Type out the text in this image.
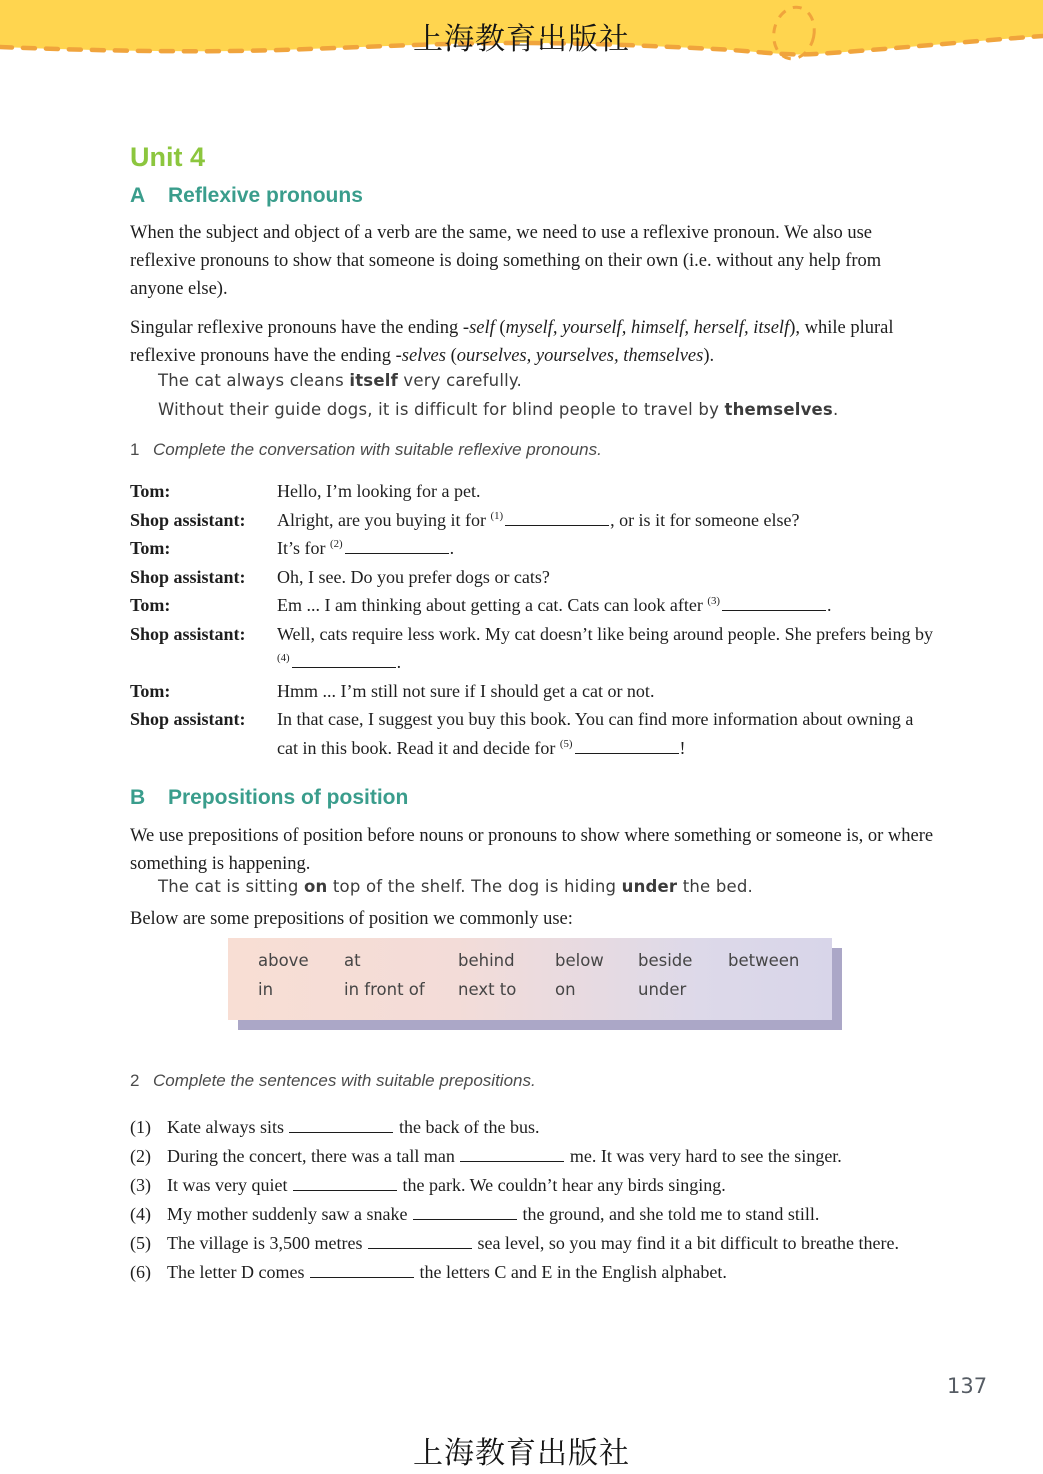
上海教育出版社
Unit 4
A	Reflexive pronouns

When the subject and object of a verb are the same, we need to use a reflexive pronoun. We also use reflexive pronouns to show that someone is doing something on their own (i.e. without any help from anyone else).

Singular reflexive pronouns have the ending -self (myself, yourself, himself, herself, itself), while plural reflexive pronouns have the ending -selves (ourselves, yourselves, themselves).

The cat always cleans itself very carefully.
Without their guide dogs, it is difficult for blind people to travel by themselves.
1 Complete the conversation with suitable reflexive pronouns.
Tom:	Hello, I’m looking for a pet.
Shop assistant:	Alright, are you buying it for $^{(1)}$	, or is it for someone else?
Tom:	It’s for $^{(2)}$	.
Shop assistant:	Oh, I see. Do you prefer dogs or cats?
Tom:	Em ... I am thinking about getting a cat. Cats can look after $^{(3)}$	.
Shop assistant:	Well, cats require less work. My cat doesn’t like being around people. She prefers being by $^{(4)}$	.
Tom:	Hmm ... I’m still not sure if I should get a cat or not.
Shop assistant:	In that case, I suggest you buy this book. You can find more information about owning a cat in this book. Read it and decide for $^{(5)}$	!
B	Prepositions of position

We use prepositions of position before nouns or pronouns to show where something or someone is, or where something is happening.

The cat is sitting on top of the shelf. The dog is hiding under the bed.

Below are some prepositions of position we commonly use:

above	at	behind	below	beside	between
in	in front of	next to	on	under
2 Complete the sentences with suitable prepositions.
(1) Kate always sits	the back of the bus.
(2) During the concert, there was a tall man	me. It was very hard to see the singer.
(3) It was very quiet	the park. We couldn’t hear any birds singing.
(4) My mother suddenly saw a snake	the ground, and she told me to stand still.
(5) The village is 3,500 metres	sea level, so you may find it a bit difficult to breathe there.
(6) The letter D comes	the letters C and E in the English alphabet.
137
上海教育出版社
